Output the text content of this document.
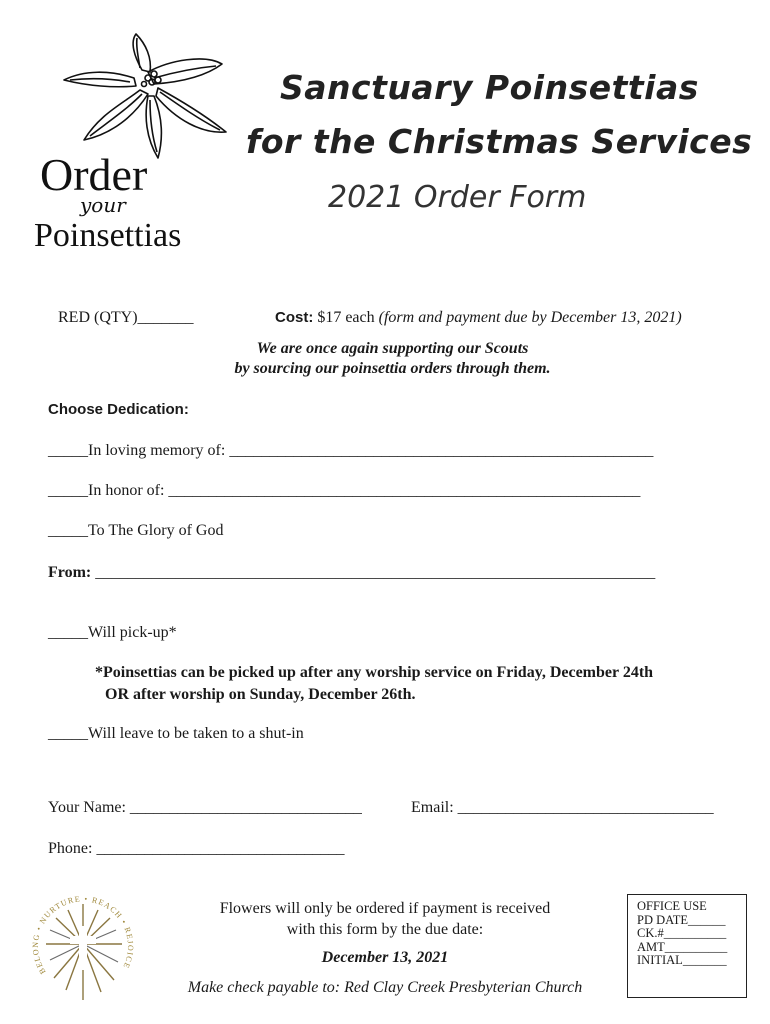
Order
your
Poinsettias
Sanctuary Poinsettias
for the Christmas Services
2021 Order Form
RED (QTY)_______	Cost: $17 each (form and payment due by December 13, 2021)
We are once again supporting our Scouts
by sourcing our poinsettia orders through them.
Choose Dedication:
_____In loving memory of: _____________________________________________________
_____In honor of: ___________________________________________________________
_____To The Glory of God
From: ______________________________________________________________________
_____Will pick-up*
*Poinsettias can be picked up after any worship service on Friday, December 24th
OR after worship on Sunday, December 26th.
_____Will leave to be taken to a shut-in
Your Name: _____________________________	Email: ________________________________
Phone: _______________________________
BELONG • NURTURE • REACH • REJOICE
Flowers will only be ordered if payment is received
with this form by the due date:
December 13, 2021
Make check payable to: Red Clay Creek Presbyterian Church
OFFICE USE
PD DATE______
CK.#__________
AMT__________
INITIAL_______
